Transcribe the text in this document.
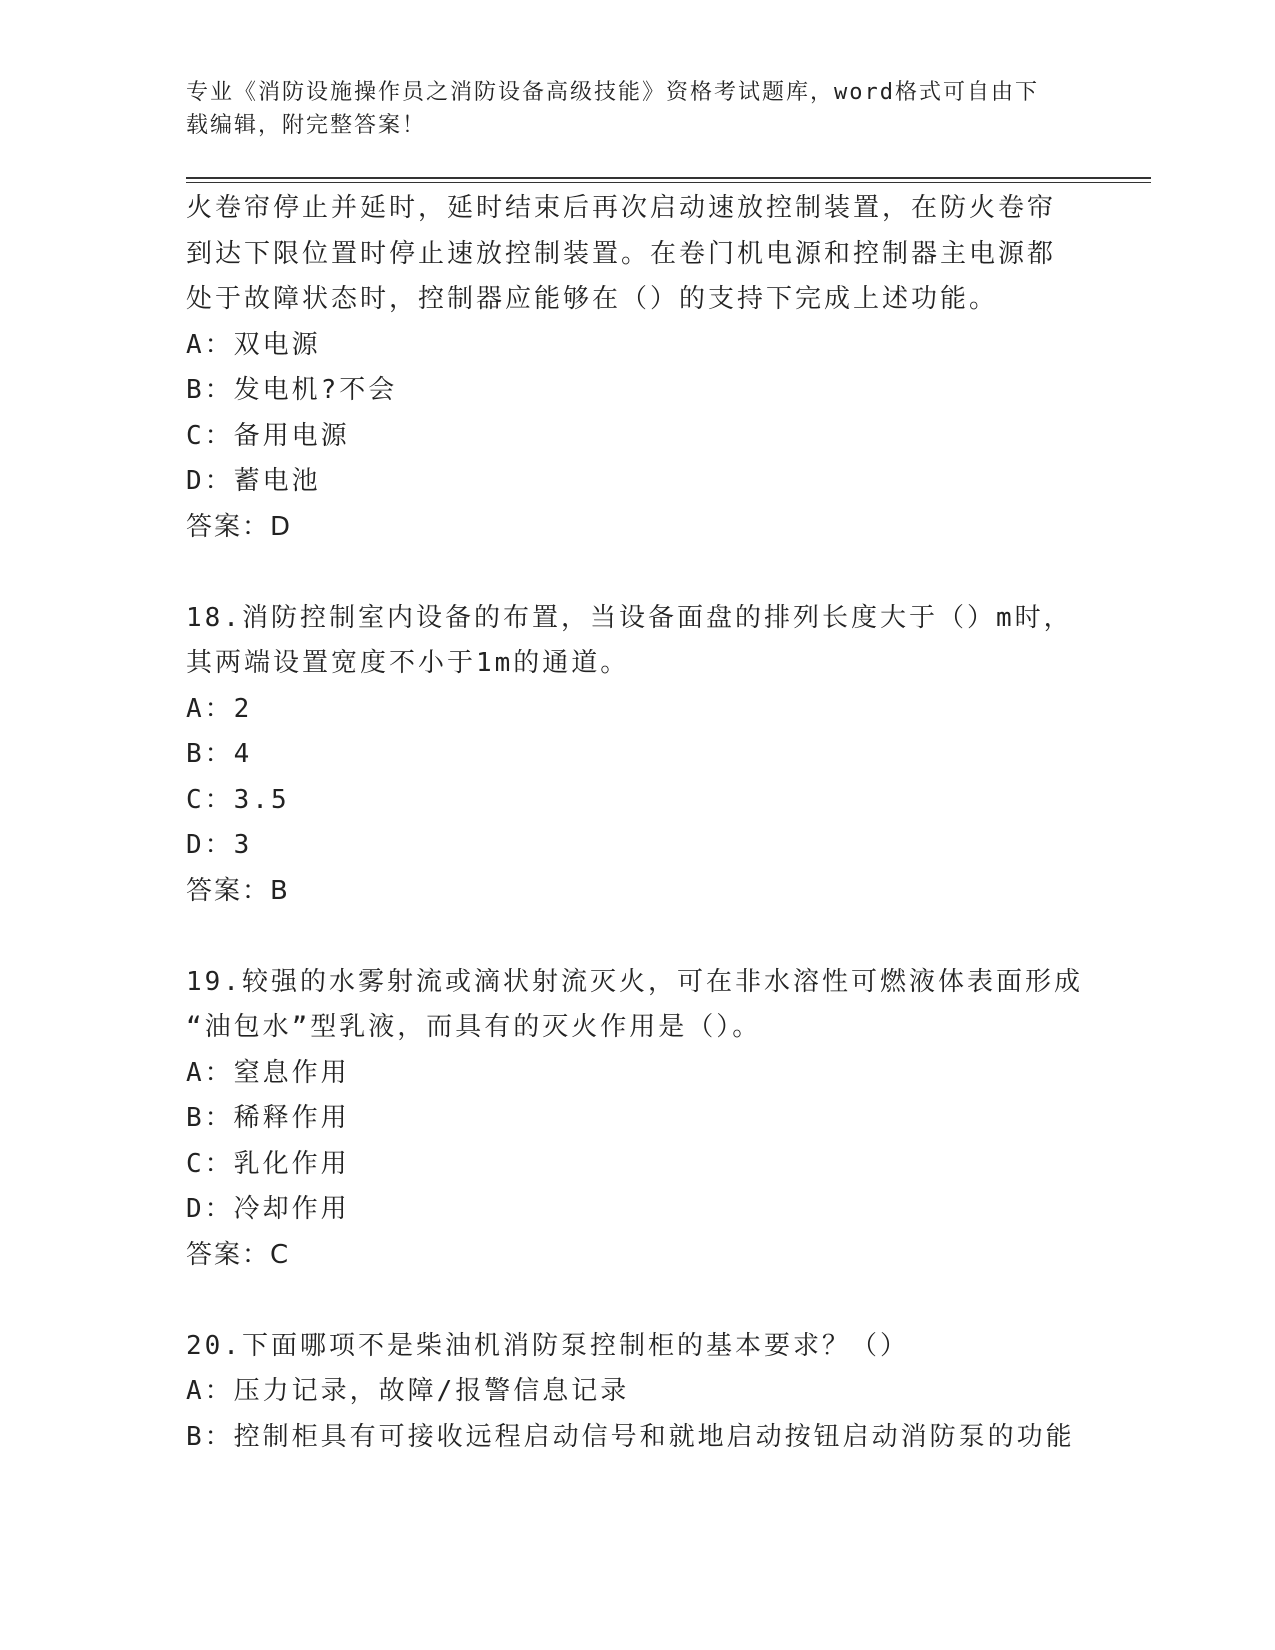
专业《消防设施操作员之消防设备高级技能》资格考试题库，word格式可自由下
载编辑，附完整答案！
火卷帘停止并延时，延时结束后再次启动速放控制装置，在防火卷帘
到达下限位置时停止速放控制装置。在卷门机电源和控制器主电源都
处于故障状态时，控制器应能够在（）的支持下完成上述功能。
A：双电源
B：发电机?不会
C：备用电源
D：蓄电池
答案：D
18.消防控制室内设备的布置，当设备面盘的排列长度大于（）m时，
其两端设置宽度不小于1m的通道。
A：2
B：4
C：3.5
D：3
答案：B
19.较强的水雾射流或滴状射流灭火，可在非水溶性可燃液体表面形成
“油包水”型乳液，而具有的灭火作用是（）。
A：窒息作用
B：稀释作用
C：乳化作用
D：冷却作用
答案：C
20.下面哪项不是柴油机消防泵控制柜的基本要求？（）
A：压力记录，故障/报警信息记录
B：控制柜具有可接收远程启动信号和就地启动按钮启动消防泵的功能
